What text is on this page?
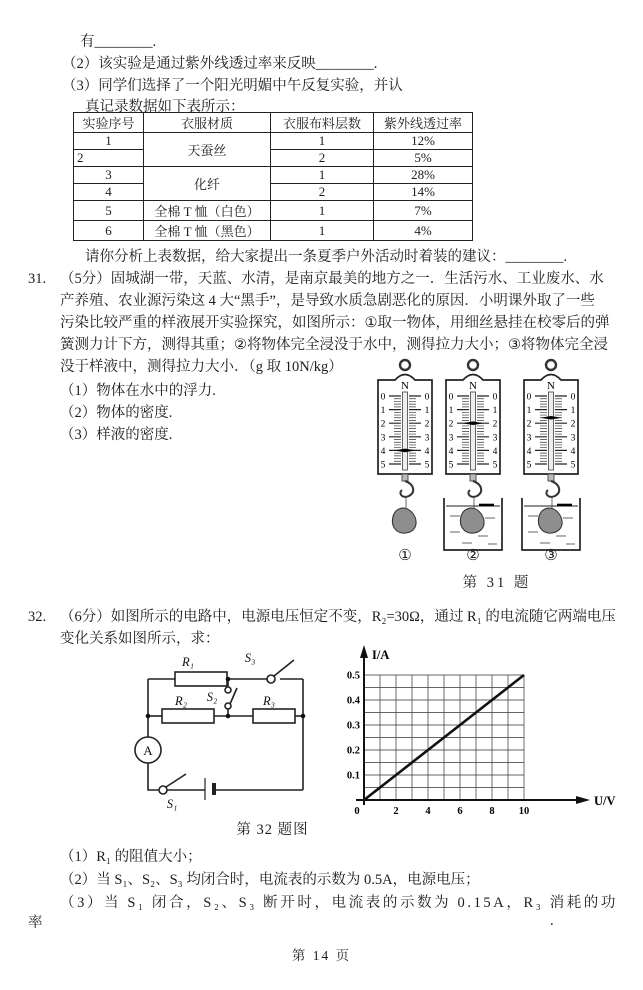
有________.
（2）该实验是通过紫外线透过率来反映________.
（3）同学们选择了一个阳光明媚中午反复实验，并认
真记录数据如下表所示：
实验序号	衣服材质	衣服布料层数	紫外线透过率
1	天蚕丝	1	12%
2		2	5%
3	化纤	1	28%
4		2	14%
5	全棉 T 恤（白色）	1	7%
6	全棉 T 恤（黑色）	1	4%
请你分析上表数据，给大家提出一条夏季户外活动时着装的建议：________.
31. （5分）固城湖一带，天蓝、水清，是南京最美的地方之一．生活污水、工业废水、水
产养殖、农业源污染这 4 大“黑手”，是导致水质急剧恶化的原因．小明课外取了一些
污染比较严重的样液展开实验探究，如图所示：①取一物体，用细丝悬挂在校零后的弹
簧测力计下方，测得其重；②将物体完全浸没于水中，测得拉力大小；③将物体完全浸
没于样液中，测得拉力大小．（g 取 10N/kg）
（1）物体在水中的浮力.
（2）物体的密度.
（3）样液的密度.
N
0	0
1	1
2	2
3	3
4	4
5	5
N
0	0
1	1
2	2
3	3
4	4
5	5
N
0	0
1	1
2	2
3	3
4	4
5	5
①	②	③
第 31 题
32. （6分）如图所示的电路中，电源电压恒定不变，R₂=30Ω，通过 R₁ 的电流随它两端电压
变化关系如图所示，求：
R₁	S₃
S₂
R₂	R₃
A
S₁
I/A
U/V
0
0.1
0.2
0.3
0.4
0.5
2	4	6	8 10
第 32 题图
（1）R₁ 的阻值大小；
（2）当 S₁、S₂、S₃ 均闭合时，电流表的示数为 0.5A，电源电压；
（3）当 S₁ 闭合，S₂、S₃ 断开时，电流表的示数为 0.15A，R₃ 消耗的功
率	.
第 14 页
